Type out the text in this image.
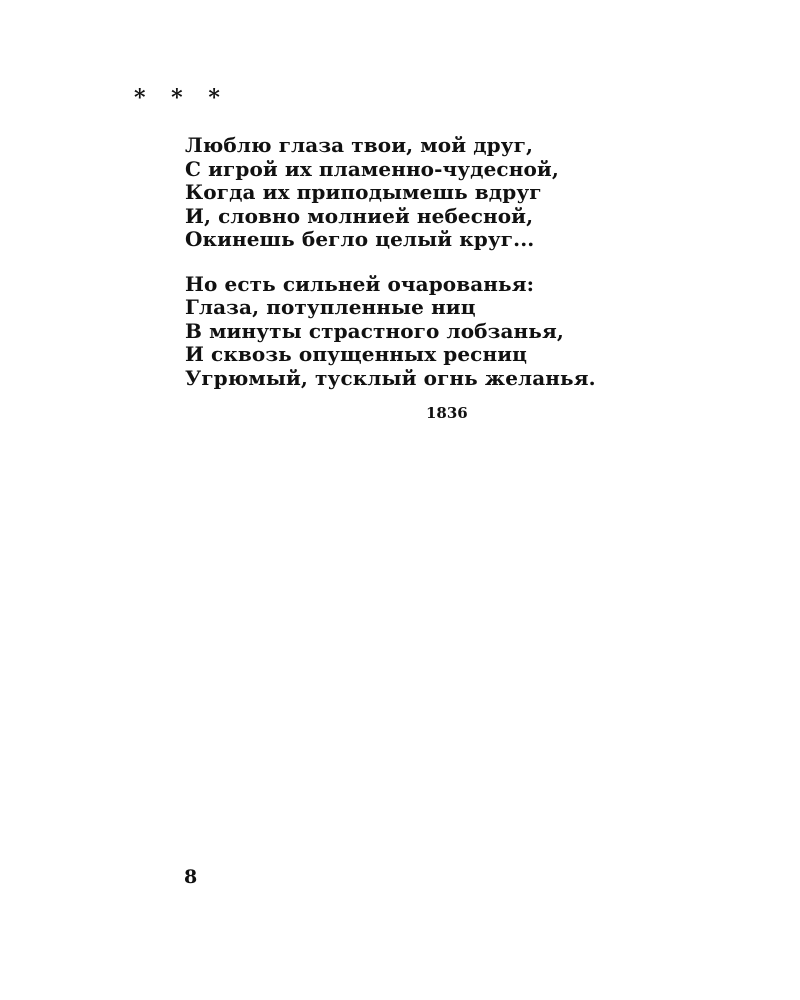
* * *
Люблю глаза твои, мой друг,
С игрой их пламенно-чудесной,
Когда их приподымешь вдруг
И, словно молнией небесной,
Окинешь бегло целый круг...
Но есть сильней очарованья:
Глаза, потупленные ниц
В минуты страстного лобзанья,
И сквозь опущенных ресниц
Угрюмый, тусклый огнь желанья.
1836
8
